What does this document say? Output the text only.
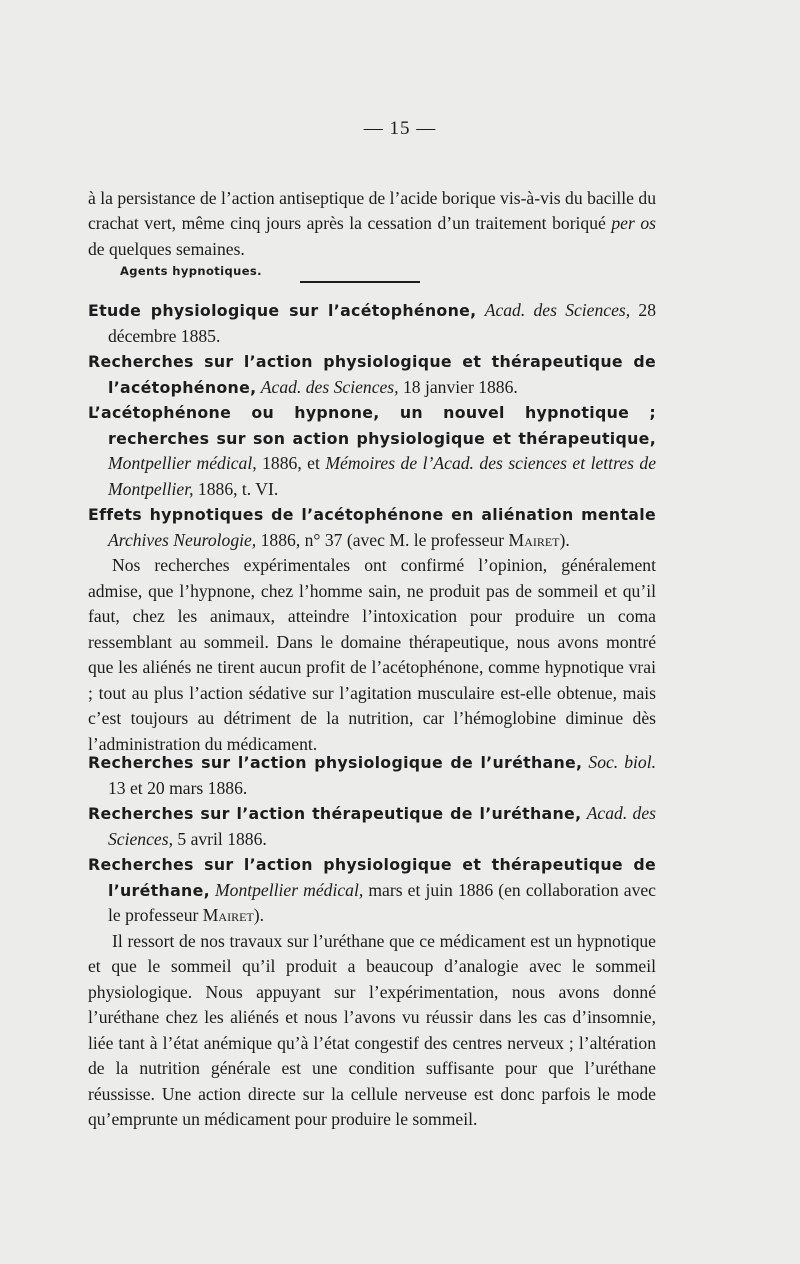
— 15 —

à la persistance de l’action antiseptique de l’acide borique vis-à-vis du bacille du crachat vert, même cinq jours après la cessation d’un traitement boriqué per os de quelques semaines.

Agents hypnotiques.

Etude physiologique sur l’acétophénone, Acad. des Sciences, 28 décembre 1885.

Recherches sur l’action physiologique et thérapeutique de l’acétophénone, Acad. des Sciences, 18 janvier 1886.

L’acétophénone ou hypnone, un nouvel hypnotique ; recherches sur son action physiologique et thérapeutique, Montpellier médical, 1886, et Mémoires de l’Acad. des sciences et lettres de Montpellier, 1886, t. VI.

Effets hypnotiques de l’acétophénone en aliénation mentale Archives Neurologie, 1886, n° 37 (avec M. le professeur Mairet).

Nos recherches expérimentales ont confirmé l’opinion, généralement admise, que l’hypnone, chez l’homme sain, ne produit pas de sommeil et qu’il faut, chez les animaux, atteindre l’intoxication pour produire un coma ressemblant au sommeil. Dans le domaine thérapeutique, nous avons montré que les aliénés ne tirent aucun profit de l’acétophénone, comme hypnotique vrai ; tout au plus l’action sédative sur l’agitation musculaire est-elle obtenue, mais c’est toujours au détriment de la nutrition, car l’hémoglobine diminue dès l’administration du médicament.

Recherches sur l’action physiologique de l’uréthane, Soc. biol. 13 et 20 mars 1886.

Recherches sur l’action thérapeutique de l’uréthane, Acad. des Sciences, 5 avril 1886.

Recherches sur l’action physiologique et thérapeutique de l’uréthane, Montpellier médical, mars et juin 1886 (en collaboration avec le professeur Mairet).

Il ressort de nos travaux sur l’uréthane que ce médicament est un hypnotique et que le sommeil qu’il produit a beaucoup d’analogie avec le sommeil physiologique. Nous appuyant sur l’expérimentation, nous avons donné l’uréthane chez les aliénés et nous l’avons vu réussir dans les cas d’insomnie, liée tant à l’état anémique qu’à l’état congestif des centres nerveux ; l’altération de la nutrition générale est une condition suffisante pour que l’uréthane réussisse. Une action directe sur la cellule nerveuse est donc parfois le mode qu’emprunte un médicament pour produire le sommeil.
